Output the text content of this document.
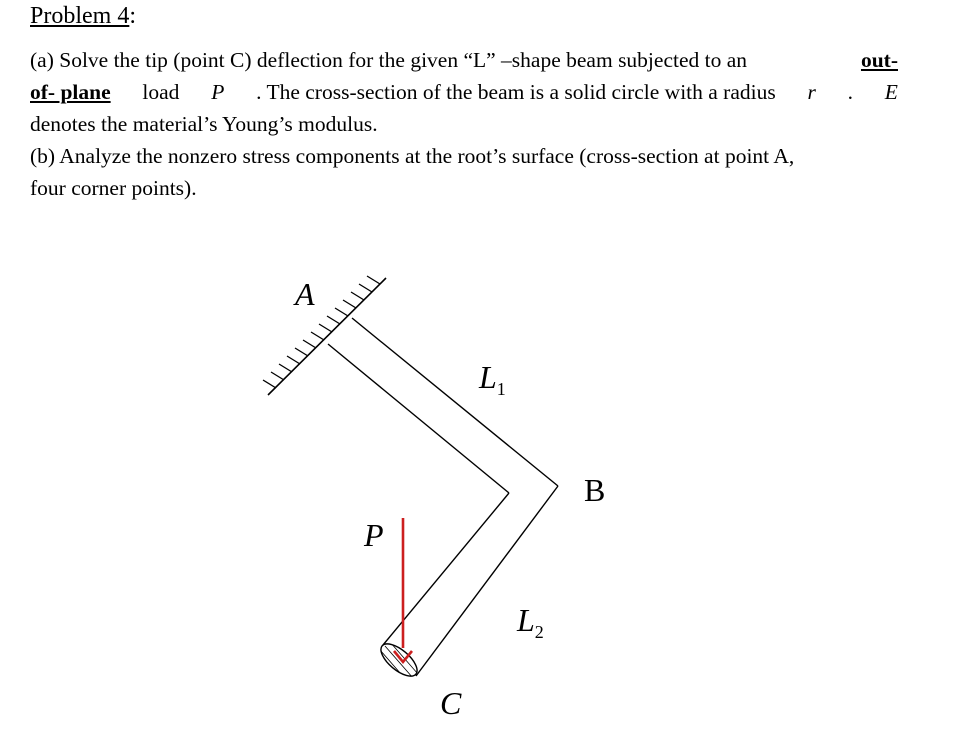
Problem 4:
(a) Solve the tip (point C) deflection for the given “L” –shape beam subjected to an	out-
of- plane load P . The cross-section of the beam is a solid circle with a radius r . E
denotes the material’s Young’s modulus.
(b) Analyze the nonzero stress components at the root’s surface (cross-section at point A,
four corner points).
A
B
C
P
L1
L2
